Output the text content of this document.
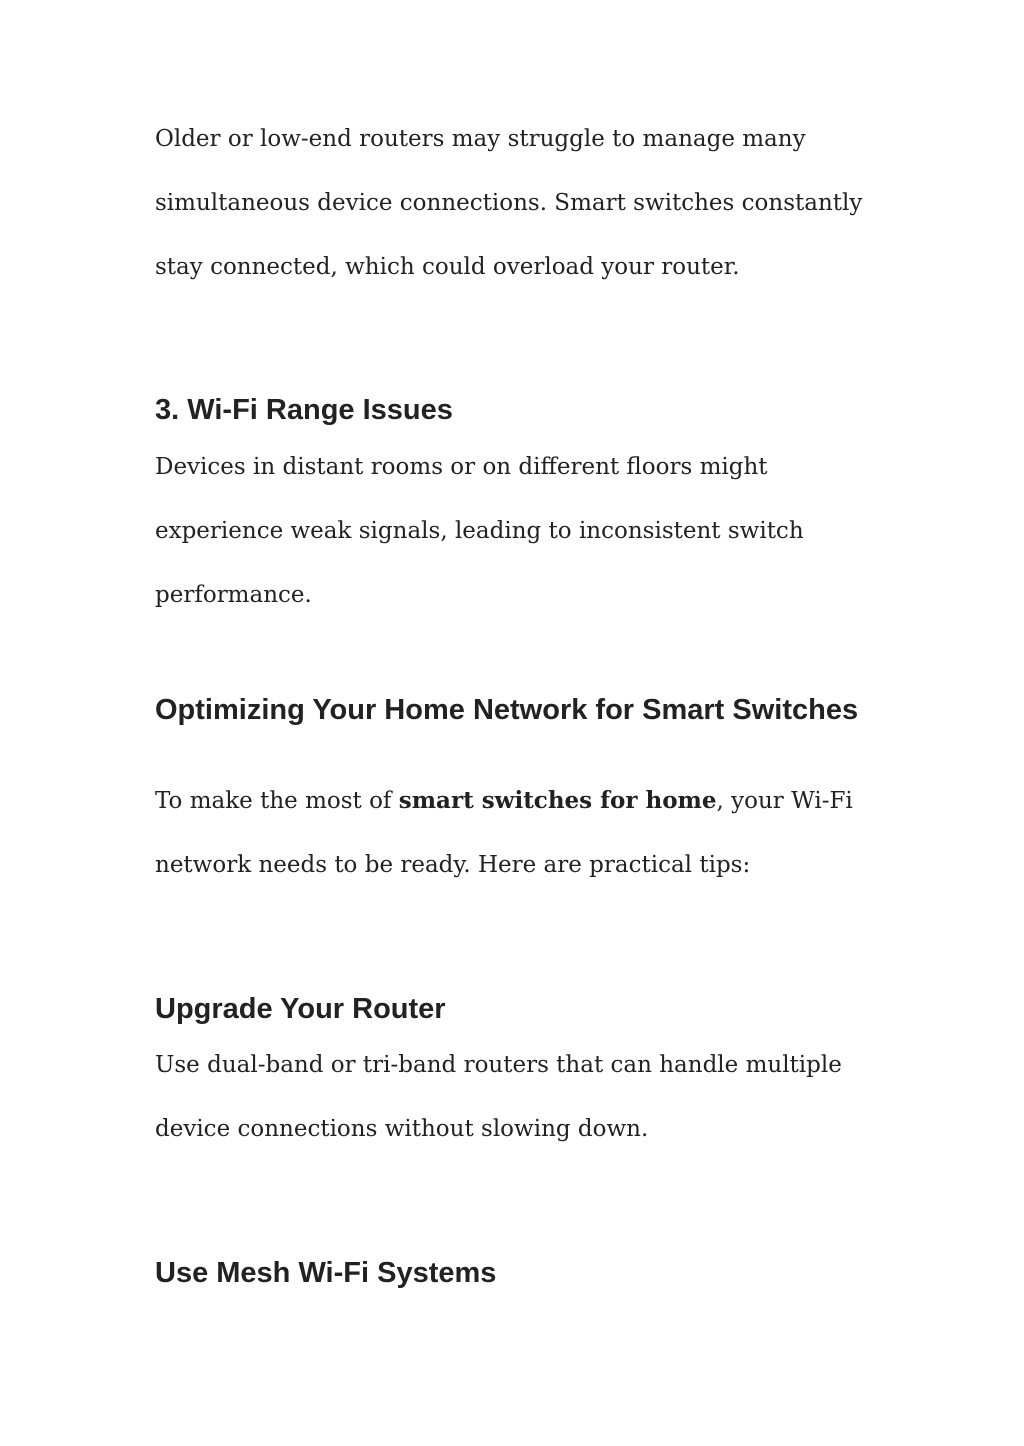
Older or low-end routers may struggle to manage many simultaneous device connections. Smart switches constantly stay connected, which could overload your router.

3. Wi-Fi Range Issues

Devices in distant rooms or on different floors might experience weak signals, leading to inconsistent switch performance.

Optimizing Your Home Network for Smart Switches

To make the most of smart switches for home, your Wi-Fi network needs to be ready. Here are practical tips:

Upgrade Your Router

Use dual-band or tri-band routers that can handle multiple device connections without slowing down.

Use Mesh Wi-Fi Systems
